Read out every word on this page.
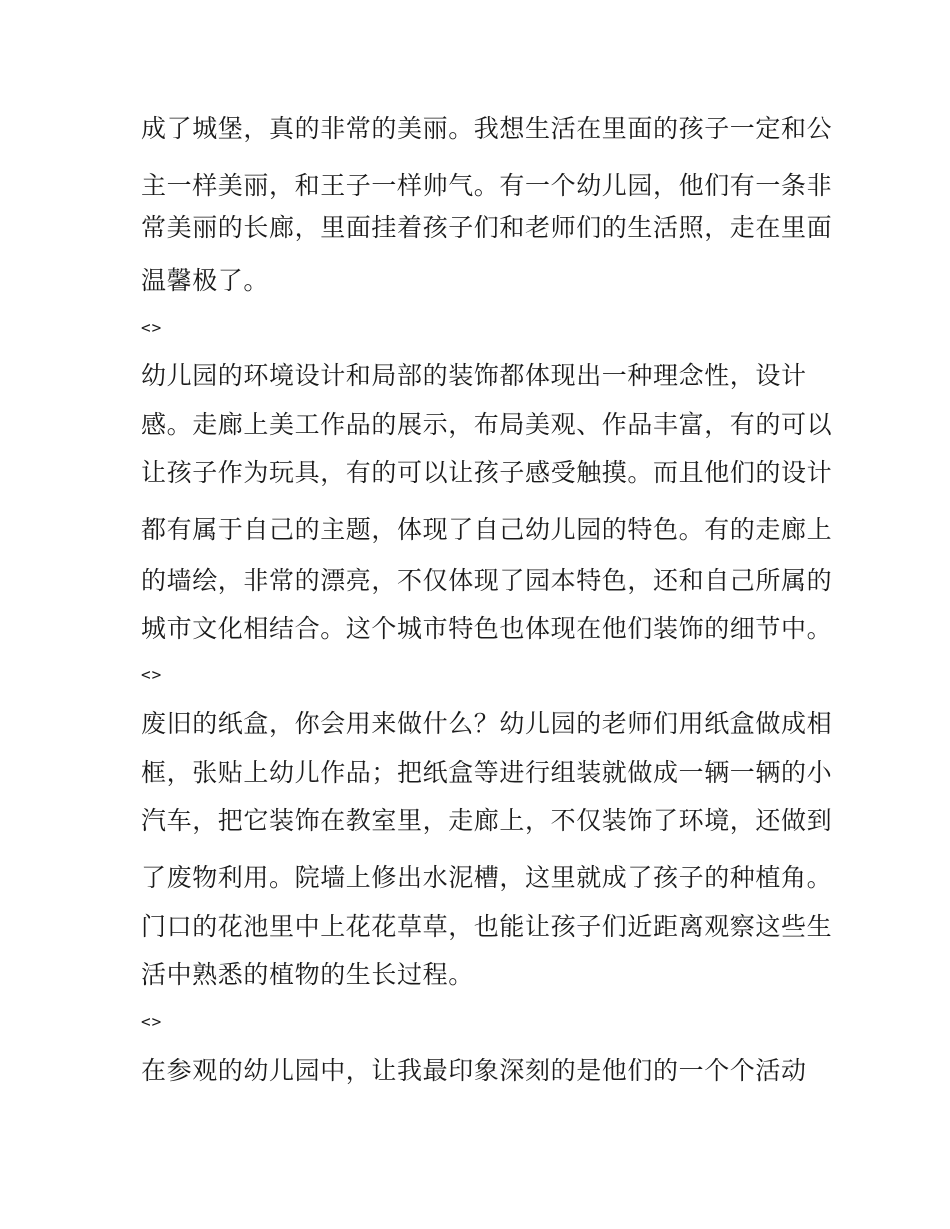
成了城堡，真的非常的美丽。我想生活在里面的孩子一定和公
主一样美丽，和王子一样帅气。有一个幼儿园，他们有一条非
常美丽的长廊，里面挂着孩子们和老师们的生活照，走在里面
温馨极了。
<>
幼儿园的环境设计和局部的装饰都体现出一种理念性，设计
感。走廊上美工作品的展示，布局美观、作品丰富，有的可以
让孩子作为玩具，有的可以让孩子感受触摸。而且他们的设计
都有属于自己的主题，体现了自己幼儿园的特色。有的走廊上
的墙绘，非常的漂亮，不仅体现了园本特色，还和自己所属的
城市文化相结合。这个城市特色也体现在他们装饰的细节中。
<>
废旧的纸盒，你会用来做什么？幼儿园的老师们用纸盒做成相
框，张贴上幼儿作品；把纸盒等进行组装就做成一辆一辆的小
汽车，把它装饰在教室里，走廊上，不仅装饰了环境，还做到
了废物利用。院墙上修出水泥槽，这里就成了孩子的种植角。
门口的花池里中上花花草草，也能让孩子们近距离观察这些生
活中熟悉的植物的生长过程。
<>
在参观的幼儿园中，让我最印象深刻的是他们的一个个活动
